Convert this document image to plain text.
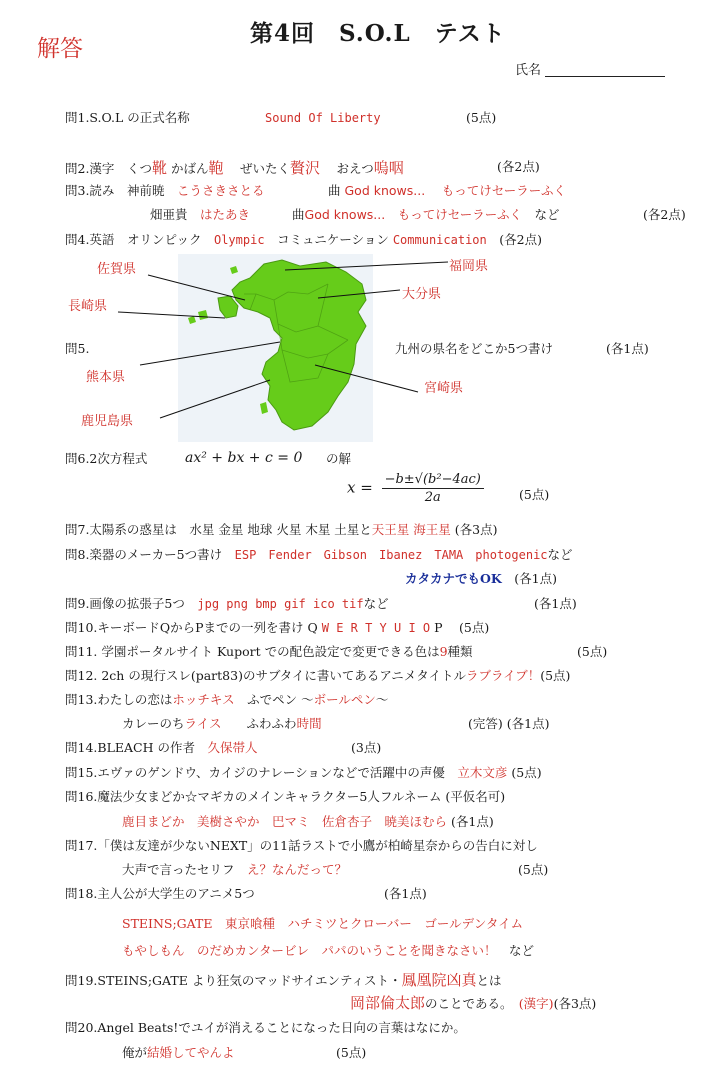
第4回　S.O.L　テスト
解答
氏名
問1.S.O.L の正式名称	Sound Of Liberty	(5点)
問2.漢字　 くつ靴 かばん鞄　 ぜいたく贅沢　 おえつ嗚咽	(各2点)
問3.読み　 神前暁　 こうさきさとる	曲 God knows...　 もってけセーラーふく
畑亜貴　 はたあき	曲God knows...　 もってけセーラーふく　 など	(各2点)
問4.英語　 オリンピック　 Olympic　 コミュニケーション Communication　 (各2点)
佐賀県
長崎県
熊本県
鹿児島県
福岡県
大分県
宮崎県
問5.	九州の県名をどこか5つ書け	(各1点)
問6.2次方程式	ax² + bx + c = 0 の解
$x = \frac{\text{−b±√(b²−4ac)}}{2a}$	(5点)
問7.太陽系の惑星は　水星 金星 地球 火星 木星 土星と天王星 海王星 (各3点)
問8.楽器のメーカー5つ書け　 ESP　Fender　Gibson　Ibanez　TAMA　photogenicなど
カタカナでもOK　 (各1点)
問9.画像の拡張子5つ　 jpg png bmp gif ico tifなど	(各1点)
問10.キーボードQからPまでの一列を書け Q W E R T Y U I O P　 (5点)
問11. 学園ポータルサイト Kuport での配色設定で変更できる色は9種類	(5点)
問12. 2ch の現行スレ(part83)のサブタイに書いてあるアニメタイトルラブライブ！(5点)
問13.わたしの恋はホッチキス　 ふでペン ～ボールペン～
カレーのちライス　　 ふわふわ時間	(完答) (各1点)
問14.BLEACH の作者　 久保帯人	(3点)
問15.エヴァのゲンドウ、カイジのナレーションなどで活躍中の声優　 立木文彦 (5点)
問16.魔法少女まどか☆マギカのメインキャラクター5人フルネーム (平仮名可)
鹿目まどか　美樹さやか　巴マミ　佐倉杏子　暁美ほむら (各1点)
問17.「僕は友達が少ないNEXT」の11話ラストで小鷹が柏崎星奈からの告白に対し
大声で言ったセリフ　 え？なんだって？	(5点)
問18.主人公が大学生のアニメ5つ	(各1点)
STEINS;GATE　東京喰種　ハチミツとクローバー　ゴールデンタイム
もやしもん　のだめカンタービレ　パパのいうことを聞きなさい！　 など
問19.STEINS;GATE より狂気のマッドサイエンティスト・鳳凰院凶真とは
岡部倫太郎のことである。　 (漢字)(各3点)
問20.Angel Beats!でユイが消えることになった日向の言葉はなにか。
俺が結婚してやんよ	(5点)
